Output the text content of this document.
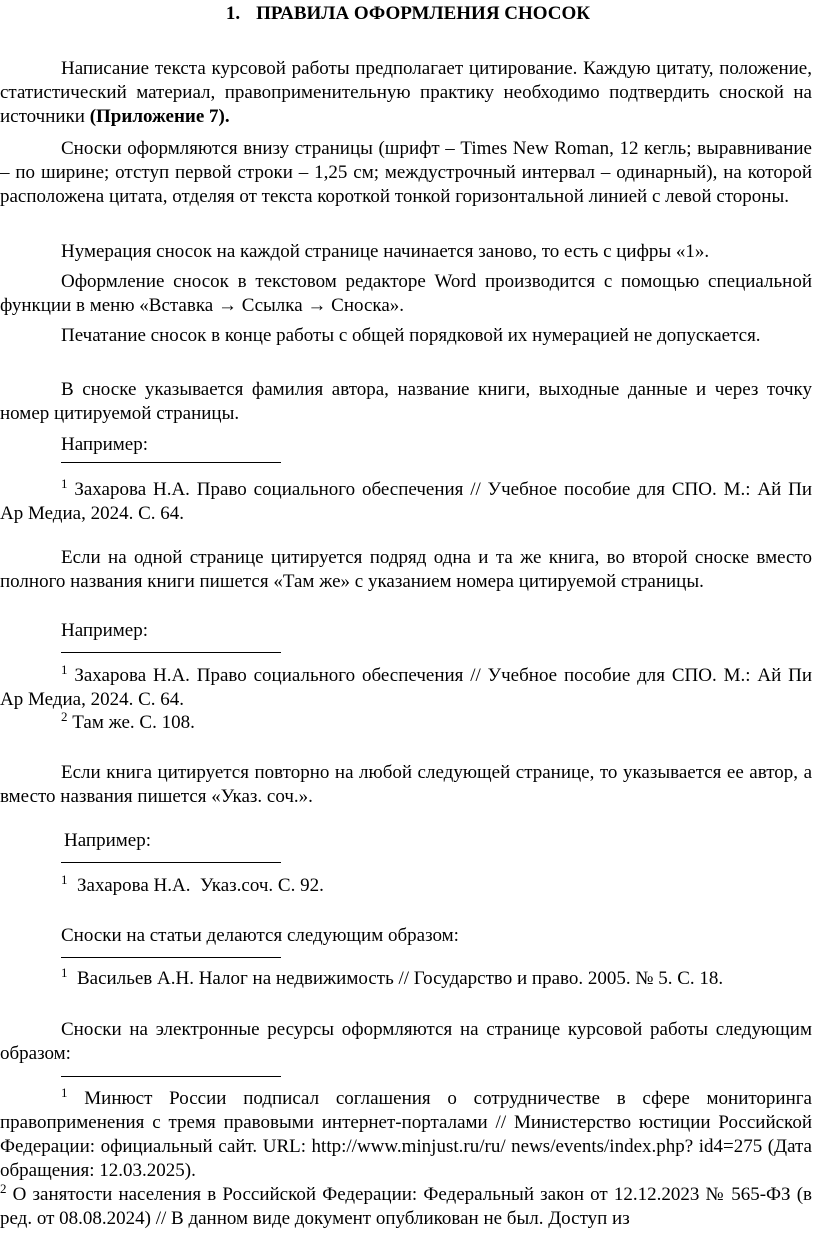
1. ПРАВИЛА ОФОРМЛЕНИЯ СНОСОК

Написание текста курсовой работы предполагает цитирование. Каждую цитату, положение, статистический материал, правоприменительную практику необходимо подтвердить сноской на источники (Приложение 7).

Сноски оформляются внизу страницы (шрифт – Times New Roman, 12 кегль; выравнивание – по ширине; отступ первой строки – 1,25 см; междустрочный интервал – одинарный), на которой расположена цитата, отделяя от текста короткой тонкой горизонтальной линией с левой стороны.

Нумерация сносок на каждой странице начинается заново, то есть с цифры «1».

Оформление сносок в текстовом редакторе Word производится с помощью специальной функции в меню «Вставка → Ссылка → Сноска».

Печатание сносок в конце работы с общей порядковой их нумерацией не допускается.

В сноске указывается фамилия автора, название книги, выходные данные и через точку номер цитируемой страницы.

Например:

$^1$ Захарова Н.А. Право социального обеспечения // Учебное пособие для СПО. М.: Ай Пи Ар Медиа, 2024. С. 64.

Если на одной странице цитируется подряд одна и та же книга, во второй сноске вместо полного названия книги пишется «Там же» с указанием номера цитируемой страницы.

Например:

$^1$ Захарова Н.А. Право социального обеспечения // Учебное пособие для СПО. М.: Ай Пи Ар Медиа, 2024. С. 64.

$^2$ Там же. С. 108.

Если книга цитируется повторно на любой следующей странице, то указывается ее автор, а вместо названия пишется «Указ. соч.».

Например:

$^1$  Захарова Н.А.  Указ.соч. С. 92.

Сноски на статьи делаются следующим образом:

$^1$  Васильев А.Н. Налог на недвижимость // Государство и право. 2005. № 5. С. 18.

Сноски на электронные ресурсы оформляются на странице курсовой работы следующим образом:

$^1$ Минюст России подписал соглашения о сотрудничестве в сфере мониторинга правоприменения с тремя правовыми интернет-порталами // Министерство юстиции Российской Федерации: официальный сайт. URL: http://www.minjust.ru/ru/ news/events/index.php? id4=275 (Дата обращения: 12.03.2025).

$^2$ О занятости населения в Российской Федерации: Федеральный закон от 12.12.2023 № 565-ФЗ (в ред. от 08.08.2024) // В данном виде документ опубликован не был. Доступ из
